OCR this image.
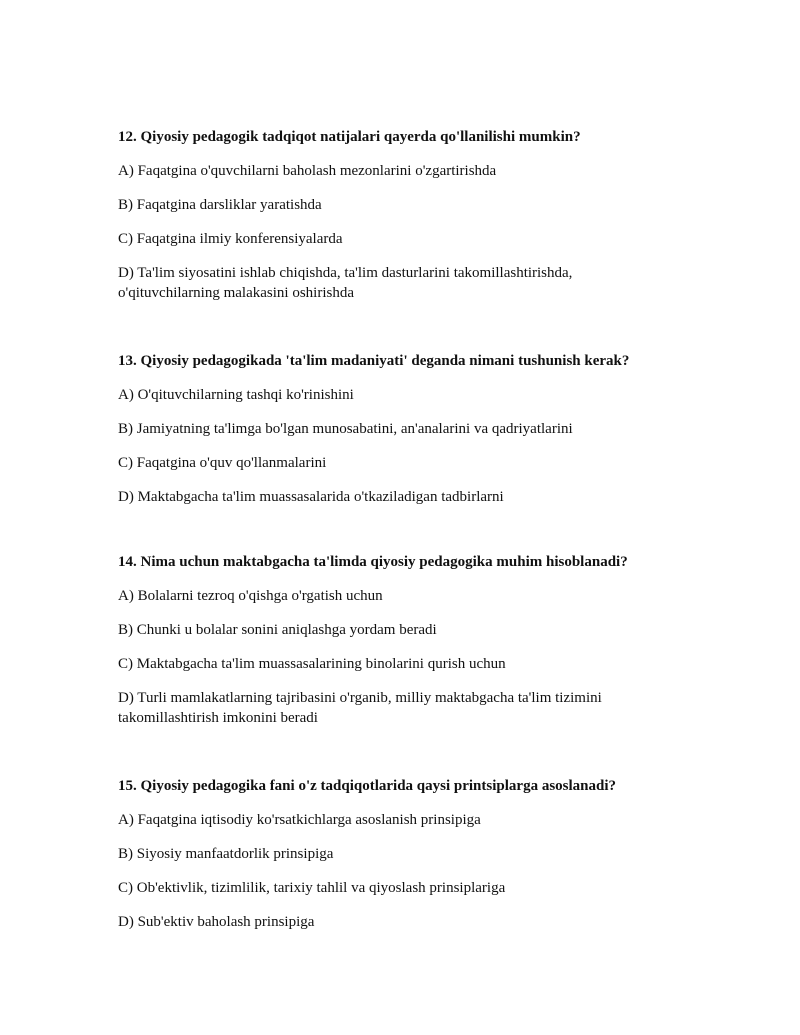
12. Qiyosiy pedagogik tadqiqot natijalari qayerda qo'llanilishi mumkin?
A) Faqatgina o'quvchilarni baholash mezonlarini o'zgartirishda
B) Faqatgina darsliklar yaratishda
C) Faqatgina ilmiy konferensiyalarda
D) Ta'lim siyosatini ishlab chiqishda, ta'lim dasturlarini takomillashtirishda, o'qituvchilarning malakasini oshirishda
13. Qiyosiy pedagogikada 'ta'lim madaniyati' deganda nimani tushunish kerak?
A) O'qituvchilarning tashqi ko'rinishini
B) Jamiyatning ta'limga bo'lgan munosabatini, an'analarini va qadriyatlarini
C) Faqatgina o'quv qo'llanmalarini
D) Maktabgacha ta'lim muassasalarida o'tkaziladigan tadbirlarni
14. Nima uchun maktabgacha ta'limda qiyosiy pedagogika muhim hisoblanadi?
A) Bolalarni tezroq o'qishga o'rgatish uchun
B) Chunki u bolalar sonini aniqlashga yordam beradi
C) Maktabgacha ta'lim muassasalarining binolarini qurish uchun
D) Turli mamlakatlarning tajribasini o'rganib, milliy maktabgacha ta'lim tizimini takomillashtirish imkonini beradi
15. Qiyosiy pedagogika fani o'z tadqiqotlarida qaysi printsiplarga asoslanadi?
A) Faqatgina iqtisodiy ko'rsatkichlarga asoslanish prinsipiga
B) Siyosiy manfaatdorlik prinsipiga
C) Ob'ektivlik, tizimlilik, tarixiy tahlil va qiyoslash prinsiplariga
D) Sub'ektiv baholash prinsipiga
